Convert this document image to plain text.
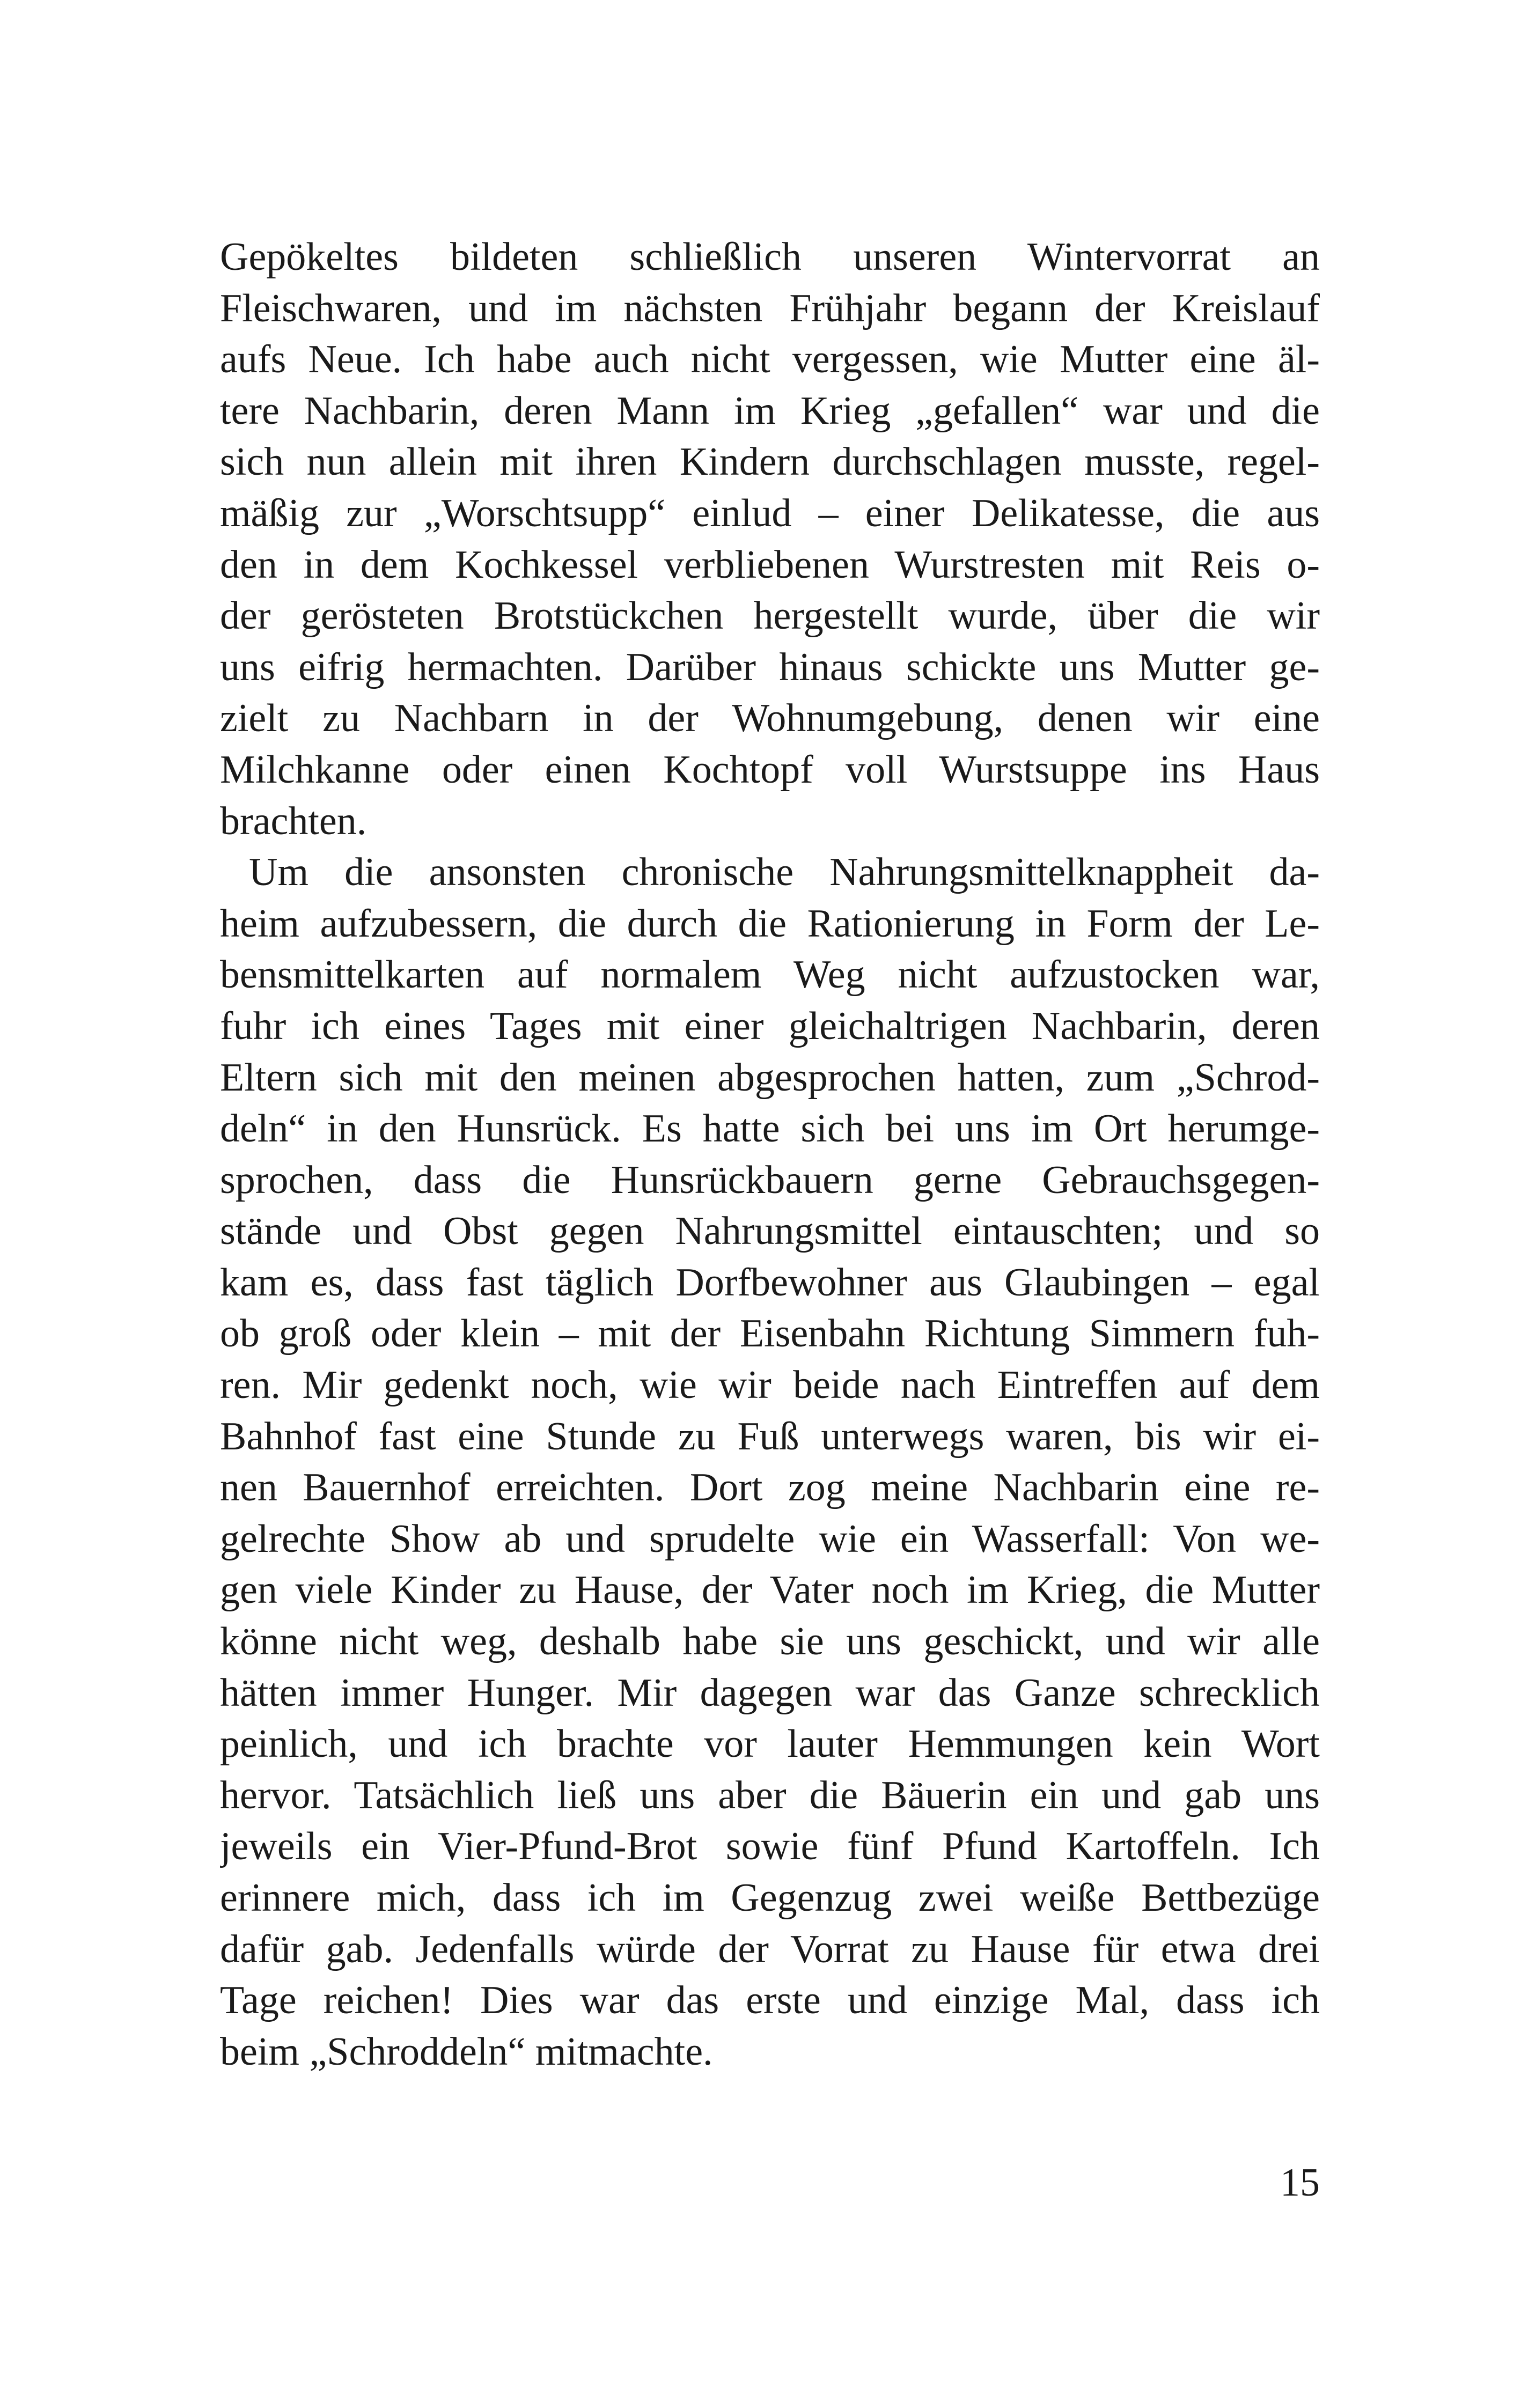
Gepökeltes bildeten schließlich unseren Wintervorrat an
Fleischwaren, und im nächsten Frühjahr begann der Kreislauf
aufs Neue. Ich habe auch nicht vergessen, wie Mutter eine äl-
tere Nachbarin, deren Mann im Krieg „gefallen“ war und die
sich nun allein mit ihren Kindern durchschlagen musste, regel-
mäßig zur „Worschtsupp“ einlud – einer Delikatesse, die aus
den in dem Kochkessel verbliebenen Wurstresten mit Reis o-
der gerösteten Brotstückchen hergestellt wurde, über die wir
uns eifrig hermachten. Darüber hinaus schickte uns Mutter ge-
zielt zu Nachbarn in der Wohnumgebung, denen wir eine
Milchkanne oder einen Kochtopf voll Wurstsuppe ins Haus
brachten.
Um die ansonsten chronische Nahrungsmittelknappheit da-
heim aufzubessern, die durch die Rationierung in Form der Le-
bensmittelkarten auf normalem Weg nicht aufzustocken war,
fuhr ich eines Tages mit einer gleichaltrigen Nachbarin, deren
Eltern sich mit den meinen abgesprochen hatten, zum „Schrod-
deln“ in den Hunsrück. Es hatte sich bei uns im Ort herumge-
sprochen, dass die Hunsrückbauern gerne Gebrauchsgegen-
stände und Obst gegen Nahrungsmittel eintauschten; und so
kam es, dass fast täglich Dorfbewohner aus Glaubingen – egal
ob groß oder klein – mit der Eisenbahn Richtung Simmern fuh-
ren. Mir gedenkt noch, wie wir beide nach Eintreffen auf dem
Bahnhof fast eine Stunde zu Fuß unterwegs waren, bis wir ei-
nen Bauernhof erreichten. Dort zog meine Nachbarin eine re-
gelrechte Show ab und sprudelte wie ein Wasserfall: Von we-
gen viele Kinder zu Hause, der Vater noch im Krieg, die Mutter
könne nicht weg, deshalb habe sie uns geschickt, und wir alle
hätten immer Hunger. Mir dagegen war das Ganze schrecklich
peinlich, und ich brachte vor lauter Hemmungen kein Wort
hervor. Tatsächlich ließ uns aber die Bäuerin ein und gab uns
jeweils ein Vier-Pfund-Brot sowie fünf Pfund Kartoffeln. Ich
erinnere mich, dass ich im Gegenzug zwei weiße Bettbezüge
dafür gab. Jedenfalls würde der Vorrat zu Hause für etwa drei
Tage reichen! Dies war das erste und einzige Mal, dass ich
beim „Schroddeln“ mitmachte.
15
